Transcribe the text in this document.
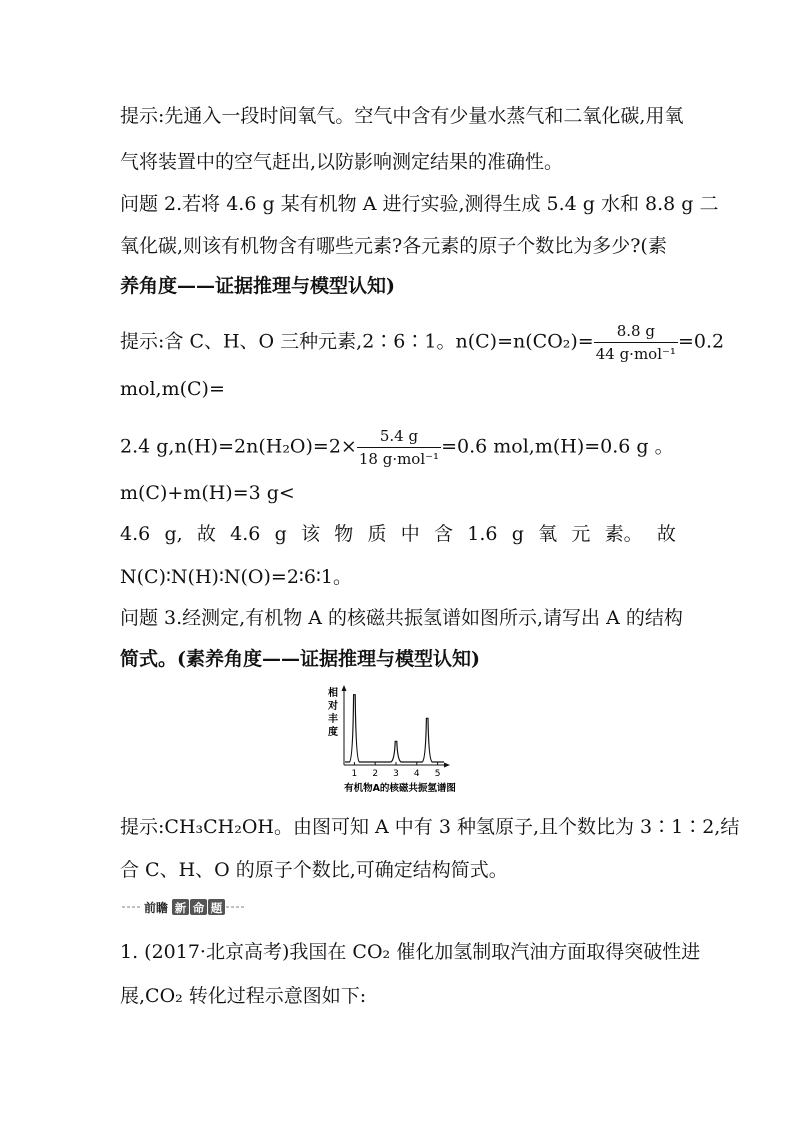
提示:先通入一段时间氧气。空气中含有少量水蒸气和二氧化碳,用氧
气将装置中的空气赶出,以防影响测定结果的准确性。
问题 2.若将 4.6 g 某有机物 A 进行实验,测得生成 5.4 g 水和 8.8 g 二
氧化碳,则该有机物含有哪些元素?各元素的原子个数比为多少?(素
养角度——证据推理与模型认知)
提示:含 C、H、O 三种元素,2∶6∶1。$n(C)=n(CO_2)= \frac{8.8 g}{\text{44 g·mol⁻¹}} =0.2$
mol,m(C)=
2.4 $g,n(H)=2n(H_2O)=2\times \frac{5.4 g}{\text{18 g·mol⁻¹}} =0.6$ mol,m(H)=0.6 g 。
m(C)+m(H)=3 g<
4.6 g, 故 4.6 g 该 物 质 中 含 1.6 g 氧 元 素。 故
N(C)∶N(H)∶N(O)=2∶6∶1。
问题 3.经测定,有机物 A 的核磁共振氢谱如图所示,请写出 A 的结构
简式。(素养角度——证据推理与模型认知)
相
对
丰
度
1 2 3 4 5
有机物A的核磁共振氢谱图
提示:CH₃CH₂OH。由图可知 A 中有 3 种氢原子,且个数比为 3∶1∶2,结
合 C、H、O 的原子个数比,可确定结构简式。
前瞻 新 命 题
1. (2017·北京高考)我国在 CO₂ 催化加氢制取汽油方面取得突破性进
展,CO₂ 转化过程示意图如下:
